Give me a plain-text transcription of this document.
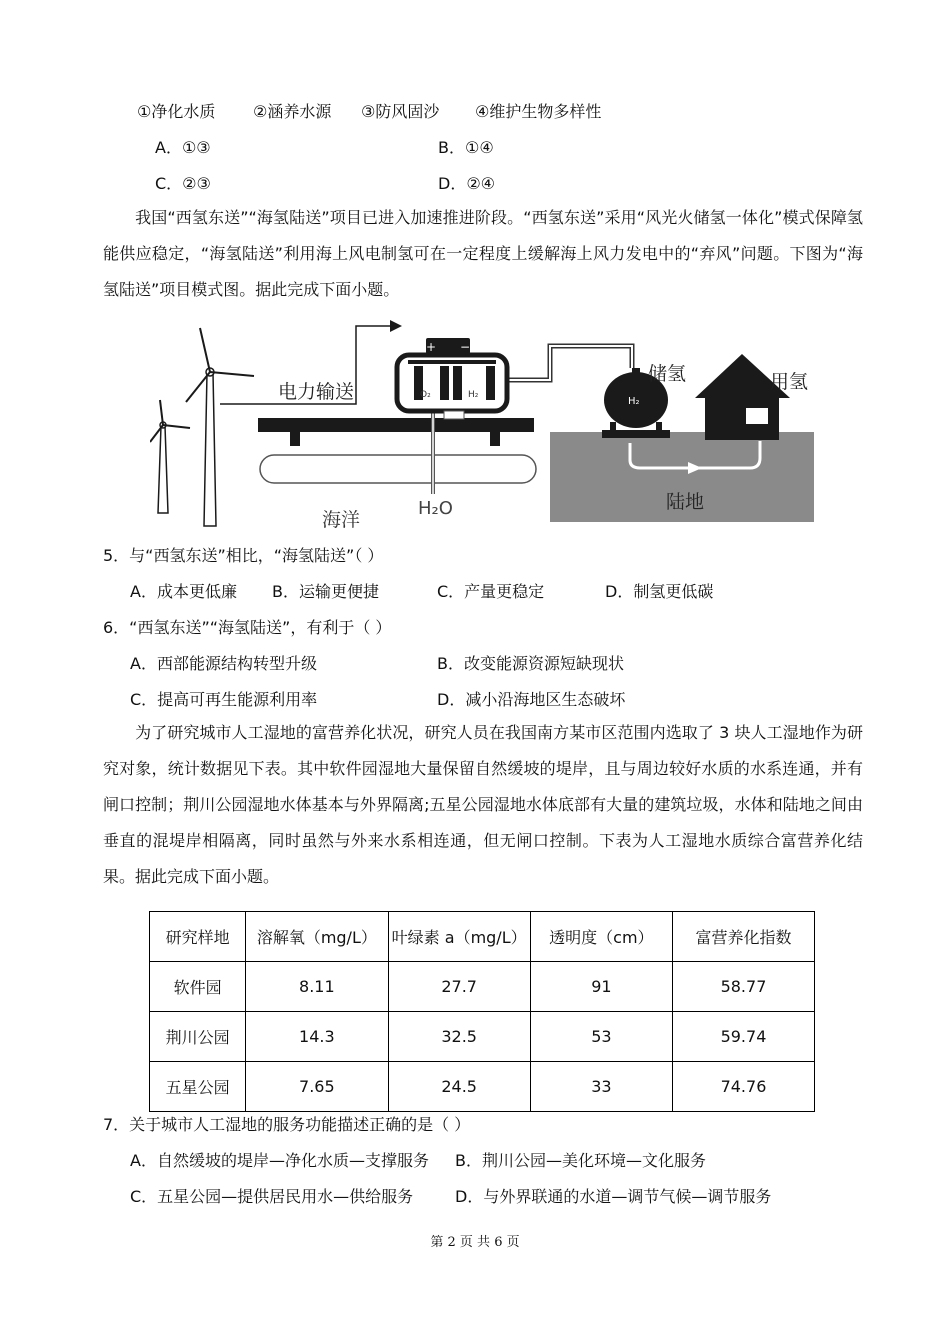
①净化水质 ②涵养水源 ③防风固沙 ④维护生物多样性
A．①③	B．①④
C．②③	D．②④
我国“西氢东送”“海氢陆送”项目已进入加速推进阶段。“西氢东送”采用“风光火储氢一体化”模式保障氢能供应稳定，“海氢陆送”利用海上风电制氢可在一定程度上缓解海上风力发电中的“弃风”问题。下图为“海氢陆送”项目模式图。据此完成下面小题。
H₂
+ −
O₂	H₂
电力输送
储氢	用氢
陆地
海洋
H₂O
5．与“西氢东送”相比，“海氢陆送”（ ）
A．成本更低廉 B．运输更便捷	C．产量更稳定	D．制氢更低碳
6．“西氢东送”“海氢陆送”，有利于（ ）
A．西部能源结构转型升级	B．改变能源资源短缺现状
C．提高可再生能源利用率	D．减小沿海地区生态破坏
为了研究城市人工湿地的富营养化状况，研究人员在我国南方某市区范围内选取了 3 块人工湿地作为研究对象，统计数据见下表。其中软件园湿地大量保留自然缓坡的堤岸，且与周边较好水质的水系连通，并有闸口控制；荆川公园湿地水体基本与外界隔离;五星公园湿地水体底部有大量的建筑垃圾，水体和陆地之间由垂直的混堤岸相隔离，同时虽然与外来水系相连通，但无闸口控制。下表为人工湿地水质综合富营养化结果。据此完成下面小题。
研究样地	溶解氧（mg/L）	叶绿素 a（mg/L）	透明度（cm）	富营养化指数
软件园	8.11	27.7	91	58.77
荆川公园	14.3	32.5	53	59.74
五星公园	7.65	24.5	33	74.76
7．关于城市人工湿地的服务功能描述正确的是（ ）
A．自然缓坡的堤岸—净化水质—支撑服务 B．荆川公园—美化环境—文化服务
C．五星公园—提供居民用水—供给服务	D．与外界联通的水道—调节气候—调节服务
第 2 页 共 6 页
